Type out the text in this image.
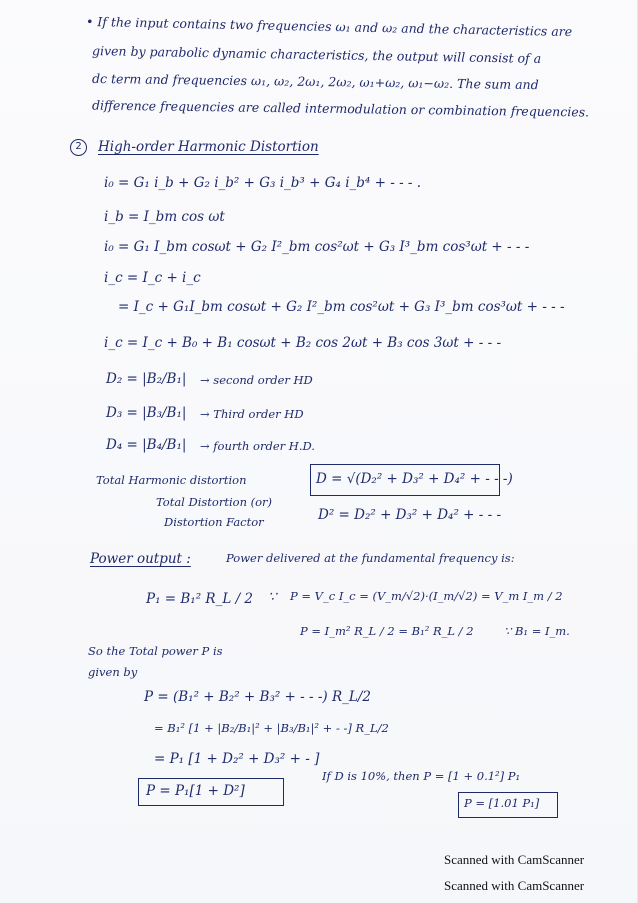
• If the input contains two frequencies ω₁ and ω₂ and the characteristics are
given by parabolic dynamic characteristics, the output will consist of a
dc term and frequencies ω₁, ω₂, 2ω₁, 2ω₂, ω₁+ω₂, ω₁−ω₂. The sum and
difference frequencies are called intermodulation or combination frequencies.
2	High-order Harmonic Distortion
i₀ = G₁ i_b + G₂ i_b² + G₃ i_b³ + G₄ i_b⁴ + - - - .
i_b = I_bm cos ωt
i₀ = G₁ I_bm cosωt + G₂ I²_bm cos²ωt + G₃ I³_bm cos³ωt + - - -
i_c = I_c + i_c
= I_c + G₁I_bm cosωt + G₂ I²_bm cos²ωt + G₃ I³_bm cos³ωt + - - -
i_c = I_c + B₀ + B₁ cosωt + B₂ cos 2ωt + B₃ cos 3ωt + - - -
D₂ = |B₂/B₁| → second order HD
D₃ = |B₃/B₁| → Third order HD
D₄ = |B₄/B₁| → fourth order H.D.
Total Harmonic distortion	D = √(D₂² + D₃² + D₄² + - - -)
Total Distortion (or)
Distortion Factor	D² = D₂² + D₃² + D₄² + - - -
Power output :	Power delivered at the fundamental frequency is:
P₁ = B₁² R_L / 2 ∵ P = V_c I_c = (V_m/√2)·(I_m/√2) = V_m I_m / 2
P = I_m² R_L / 2 = B₁² R_L / 2	∵ B₁ = I_m.
So the Total power P is
given by
P = (B₁² + B₂² + B₃² + - - -) R_L/2
= B₁² [1 + |B₂/B₁|² + |B₃/B₁|² + - -] R_L/2
= P₁ [1 + D₂² + D₃² + - ]
P = P₁[1 + D²]
If D is 10%, then P = [1 + 0.1²] P₁
P = [1.01 P₁]
Scanned with CamScanner
Scanned with CamScanner
